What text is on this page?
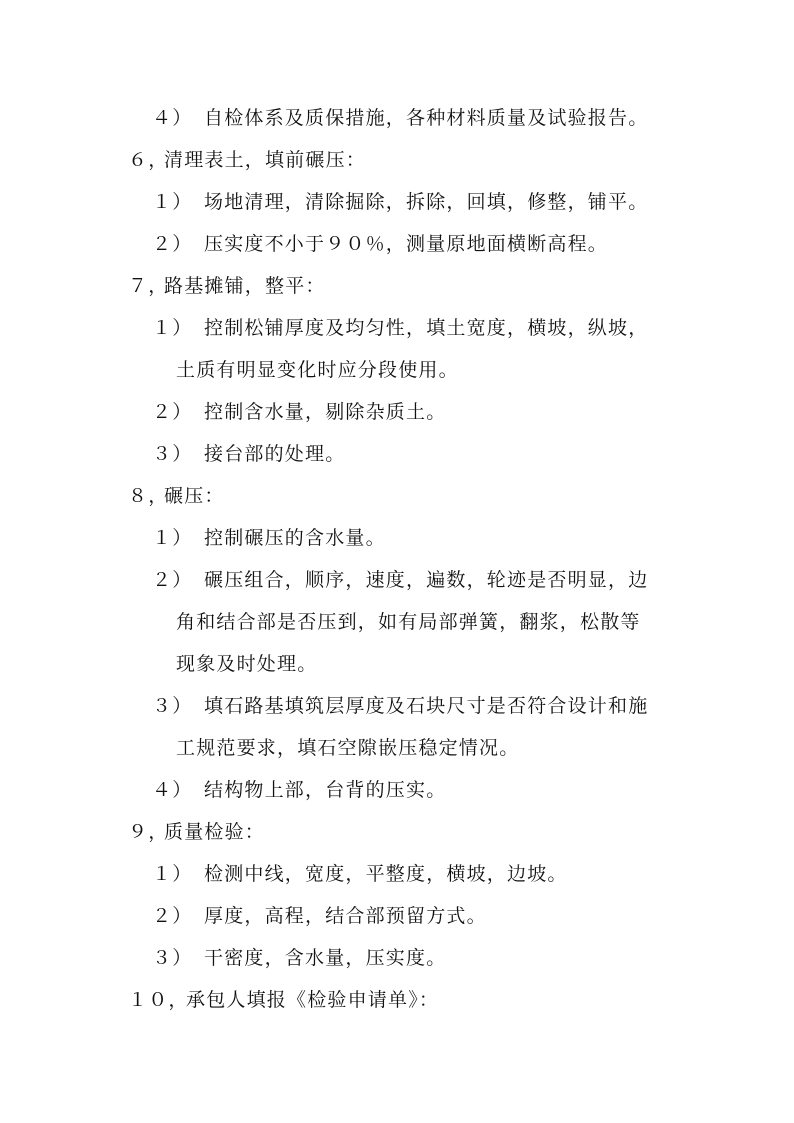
４） 自检体系及质保措施，各种材料质量及试验报告。
６，清理表土，填前碾压：
１） 场地清理，清除掘除，拆除，回填，修整，铺平。
２） 压实度不小于９０％，测量原地面横断高程。
７，路基摊铺，整平：
１） 控制松铺厚度及均匀性，填土宽度，横坡，纵坡，
土质有明显变化时应分段使用。
２） 控制含水量，剔除杂质土。
３） 接台部的处理。
８，碾压：
１） 控制碾压的含水量。
２） 碾压组合，顺序，速度，遍数，轮迹是否明显，边
角和结合部是否压到，如有局部弹簧，翻浆，松散等
现象及时处理。
３） 填石路基填筑层厚度及石块尺寸是否符合设计和施
工规范要求，填石空隙嵌压稳定情况。
４） 结构物上部，台背的压实。
９，质量检验：
１） 检测中线，宽度，平整度，横坡，边坡。
２） 厚度，高程，结合部预留方式。
３） 干密度，含水量，压实度。
１０，承包人填报《检验申请单》：
